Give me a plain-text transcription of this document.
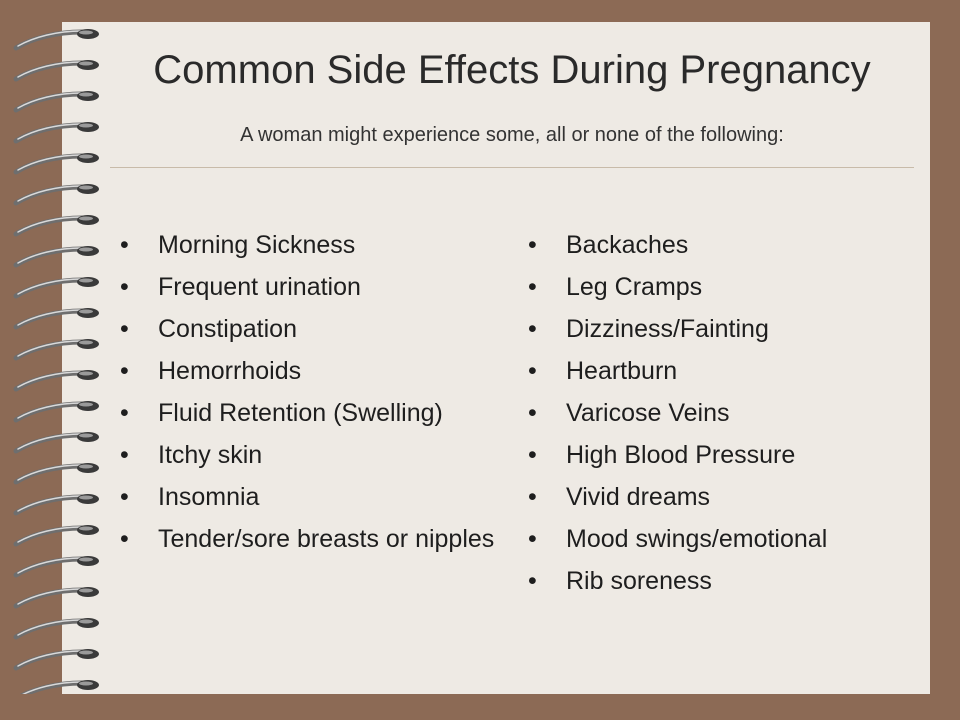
Common Side Effects During Pregnancy
A woman might experience some, all or none of the following:
• Morning Sickness
• Frequent urination
• Constipation
• Hemorrhoids
• Fluid Retention (Swelling)
• Itchy skin
• Insomnia
• Tender/sore breasts or nipples
• Backaches
• Leg Cramps
• Dizziness/Fainting
• Heartburn
• Varicose Veins
• High Blood Pressure
• Vivid dreams
• Mood swings/emotional
• Rib soreness
